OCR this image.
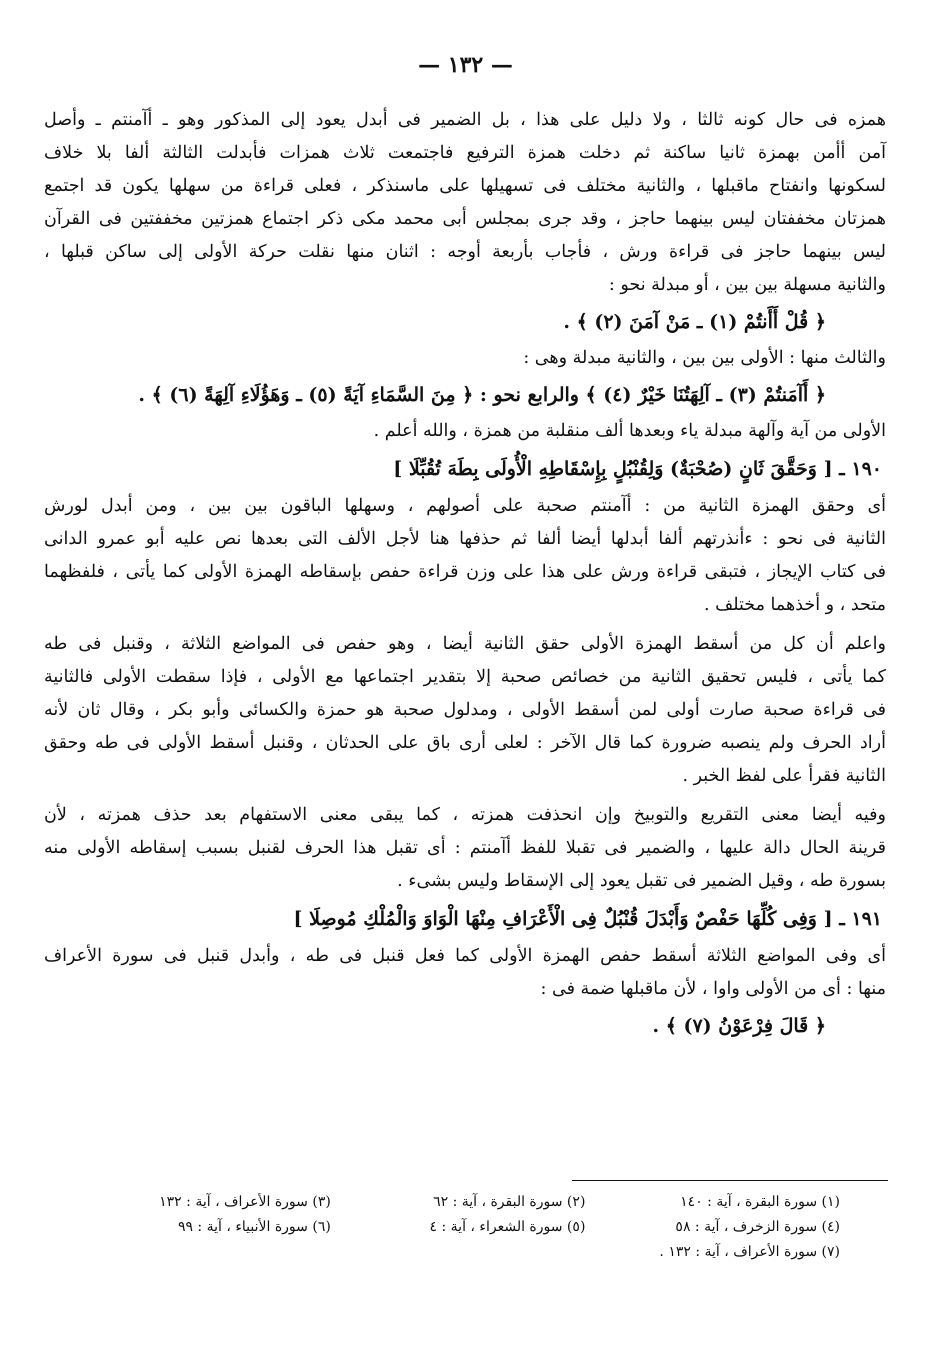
— ١٣٢ —

همزه فى حال كونه ثالثا ، ولا دليل على هذا ، بل الضمير فى أبدل يعود إلى المذكور وهو ـ أآمنتم ـ وأصل

آمن أأمن بهمزة ثانيا ساكنة ثم دخلت همزة الترفيع فاجتمعت ثلاث همزات فأبدلت الثالثة ألفا بلا خلاف

لسكونها وانفتاح ماقبلها ، والثانية مختلف فى تسهيلها على ماسنذكر ، فعلى قراءة من سهلها يكون قد اجتمع

همزتان مخففتان ليس بينهما حاجز ، وقد جرى بمجلس أبى محمد مكى ذكر اجتماع همزتين مخففتين فى القرآن

ليس بينهما حاجز فى قراءة ورش ، فأجاب بأربعة أوجه : اثنان منها نقلت حركة الأولى إلى ساكن قبلها ،

والثانية مسهلة بين بين ، أو مبدلة نحو :

﴿ قُلْ أَأَنتُمْ (١) ـ مَنْ آمَنَ (٢) ﴾ .

والثالث منها : الأولى بين بين ، والثانية مبدلة وهى :

﴿ أَآمَنتُمْ (٣) ـ آلِهَتُنَا خَيْرٌ (٤) ﴾ والرابع نحو : ﴿ مِنَ السَّمَاءِ آيَةً (٥) ـ وَهَؤُلَاءِ آلِهَةً (٦) ﴾ .

الأولى من آية وآلهة مبدلة ياء وبعدها ألف منقلبة من همزة ، والله أعلم .

١٩٠ ـ [ وَحَقَّقَ ثَانٍ (صُحْبَةٌ) وَلِقُنْبُلٍ بِإِسْقَاطِهِ الْأُولَى بِطَهَ تُقُبِّلَا ]

أى وحقق الهمزة الثانية من : أآمنتم صحبة على أصولهم ، وسهلها الباقون بين بين ، ومن أبدل لورش

الثانية فى نحو : ءأنذرتهم ألفا أبدلها أيضا ألفا ثم حذفها هنا لأجل الألف التى بعدها نص عليه أبو عمرو الدانى

فى كتاب الإيجاز ، فتبقى قراءة ورش على هذا على وزن قراءة حفص بإسقاطه الهمزة الأولى كما يأتى ، فلفظهما

متحد ، و أخذهما مختلف .

واعلم أن كل من أسقط الهمزة الأولى حقق الثانية أيضا ، وهو حفص فى المواضع الثلاثة ، وقنبل فى طه

كما يأتى ، فليس تحقيق الثانية من خصائص صحبة إلا بتقدير اجتماعها مع الأولى ، فإذا سقطت الأولى فالثانية

فى قراءة صحبة صارت أولى لمن أسقط الأولى ، ومدلول صحبة هو حمزة والكسائى وأبو بكر ، وقال ثان لأنه

أراد الحرف ولم ينصبه ضرورة كما قال الآخر : لعلى أرى باق على الحدثان ، وقنبل أسقط الأولى فى طه وحقق

الثانية فقرأ على لفظ الخبر .

وفيه أيضا معنى التقريع والتوبيخ وإن انحذفت همزته ، كما يبقى معنى الاستفهام بعد حذف همزته ، لأن

قرينة الحال دالة عليها ، والضمير فى تقبلا للفظ أآمنتم : أى تقبل هذا الحرف لقنبل بسبب إسقاطه الأولى منه

بسورة طه ، وقيل الضمير فى تقبل يعود إلى الإسقاط وليس بشىء .

١٩١ ـ [ وَفِى كُلِّهَا حَفْصٌ وَأَبْدَلَ قُنْبُلٌ فِى الْأَعْرَافِ مِنْهَا الْوَاوَ وَالْمُلْكِ مُوصِلَا ]

أى وفى المواضع الثلاثة أسقط حفص الهمزة الأولى كما فعل قنبل فى طه ، وأبدل قنبل فى سورة الأعراف

منها : أى من الأولى واوا ، لأن ماقبلها ضمة فى :

﴿ قَالَ فِرْعَوْنُ (٧) ﴾ .

(١) سورة البقرة ، آية : ١٤٠
(٢) سورة البقرة ، آية : ٦٢
(٣) سورة الأعراف ، آية : ١٣٢
(٤) سورة الزخرف ، آية : ٥٨
(٥) سورة الشعراء ، آية : ٤
(٦) سورة الأنبياء ، آية : ٩٩
(٧) سورة الأعراف ، آية : ١٣٢ .
